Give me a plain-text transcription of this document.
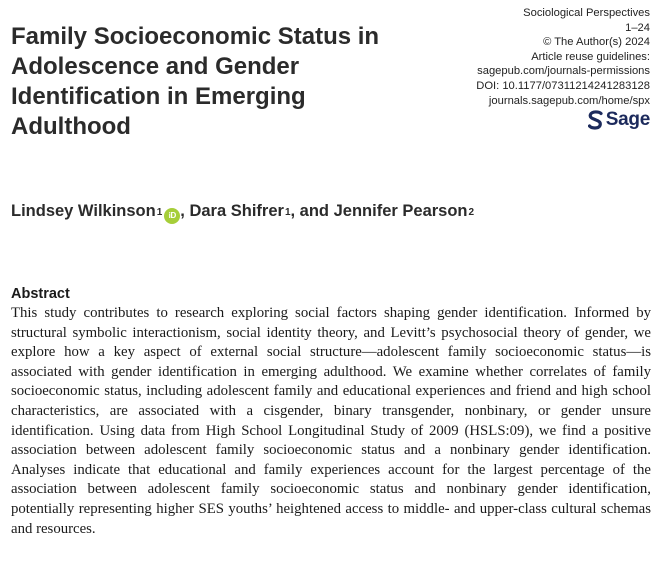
Family Socioeconomic Status in Adolescence and Gender Identification in Emerging Adulthood
Sociological Perspectives
1–24
© The Author(s) 2024
Article reuse guidelines:
sagepub.com/journals-permissions
DOI: 10.1177/07311214241283128
journals.sagepub.com/home/spx
Sage
Lindsey Wilkinson$^1$ iD ,
Dara Shifrer$^1$ , and
Jennifer Pearson$^2$
Abstract

This study contributes to research exploring social factors shaping gender identification. Informed by structural symbolic interactionism, social identity theory, and Levitt’s psychosocial theory of gender, we explore how a key aspect of external social structure—adolescent family socioeconomic status—is associated with gender identification in emerging adulthood. We examine whether correlates of family socioeconomic status, including adolescent family and educational experiences and friend and high school characteristics, are associated with a cisgender, binary transgender, nonbinary, or gender unsure identification. Using data from High School Longitudinal Study of 2009 (HSLS:09), we find a positive association between adolescent family socioeconomic status and a nonbinary gender identification. Analyses indicate that educational and family experiences account for the largest percentage of the association between adolescent family socioeconomic status and nonbinary gender identification, potentially representing higher SES youths’ heightened access to middle- and upper-class cultural schemas and resources.
